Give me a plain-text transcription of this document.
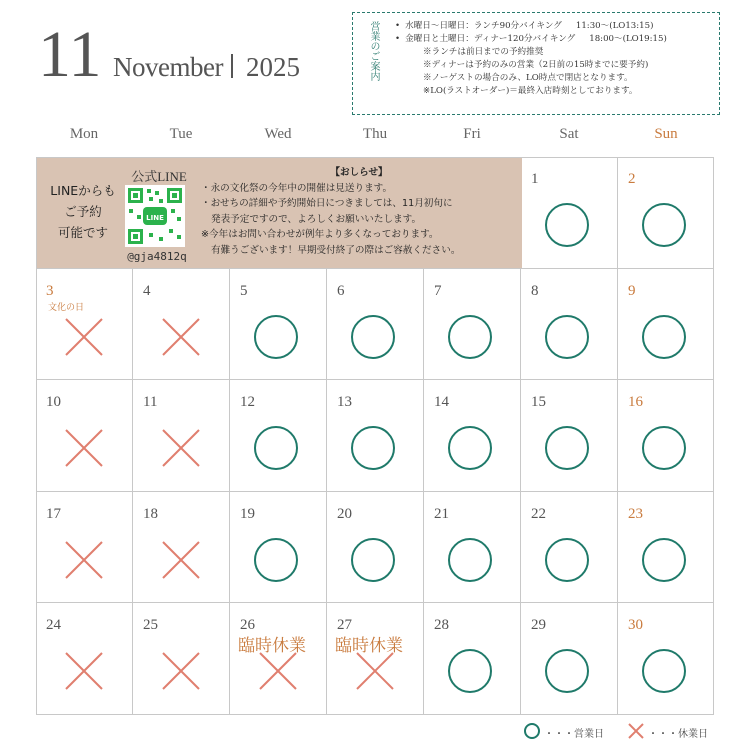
11 November 2025	営業のご案内
•	水曜日～日曜日：ランチ90分バイキング 11:30～(LO13:15)
• 金曜日と土曜日：ディナー120分バイキング 18:00～(LO19:15)
※ランチは前日までの予約推奨
※ディナーは予約のみの営業（2日前の15時までに要予約)
※ノーゲストの場合のみ、LO時点で閉店となります。
※LO(ラストオーダー)＝最終入店時刻としております。
Mon	Tue	Wed	Thu	Fri	Sat	Sun
LINEからも
ご予約
可能です
公式LINE
LINE
@gja4812q
【おしらせ】
・永の文化祭の今年中の開催は見送ります。
・おせちの詳細や予約開始日につきましては、11月初旬に
発表予定ですので、よろしくお願いいたします。
※今年はお問い合わせが例年より多くなっております。
有難うございます！早期受付終了の際はご容赦ください。
1	2
3
文化の日
4	5	6	7	8	9
10	11	12	13	14	15	16
17	18	19	20	21	22	23
24	25	26
臨時休業
27
臨時休業
28	29	30
・・・営業日	・・・休業日
